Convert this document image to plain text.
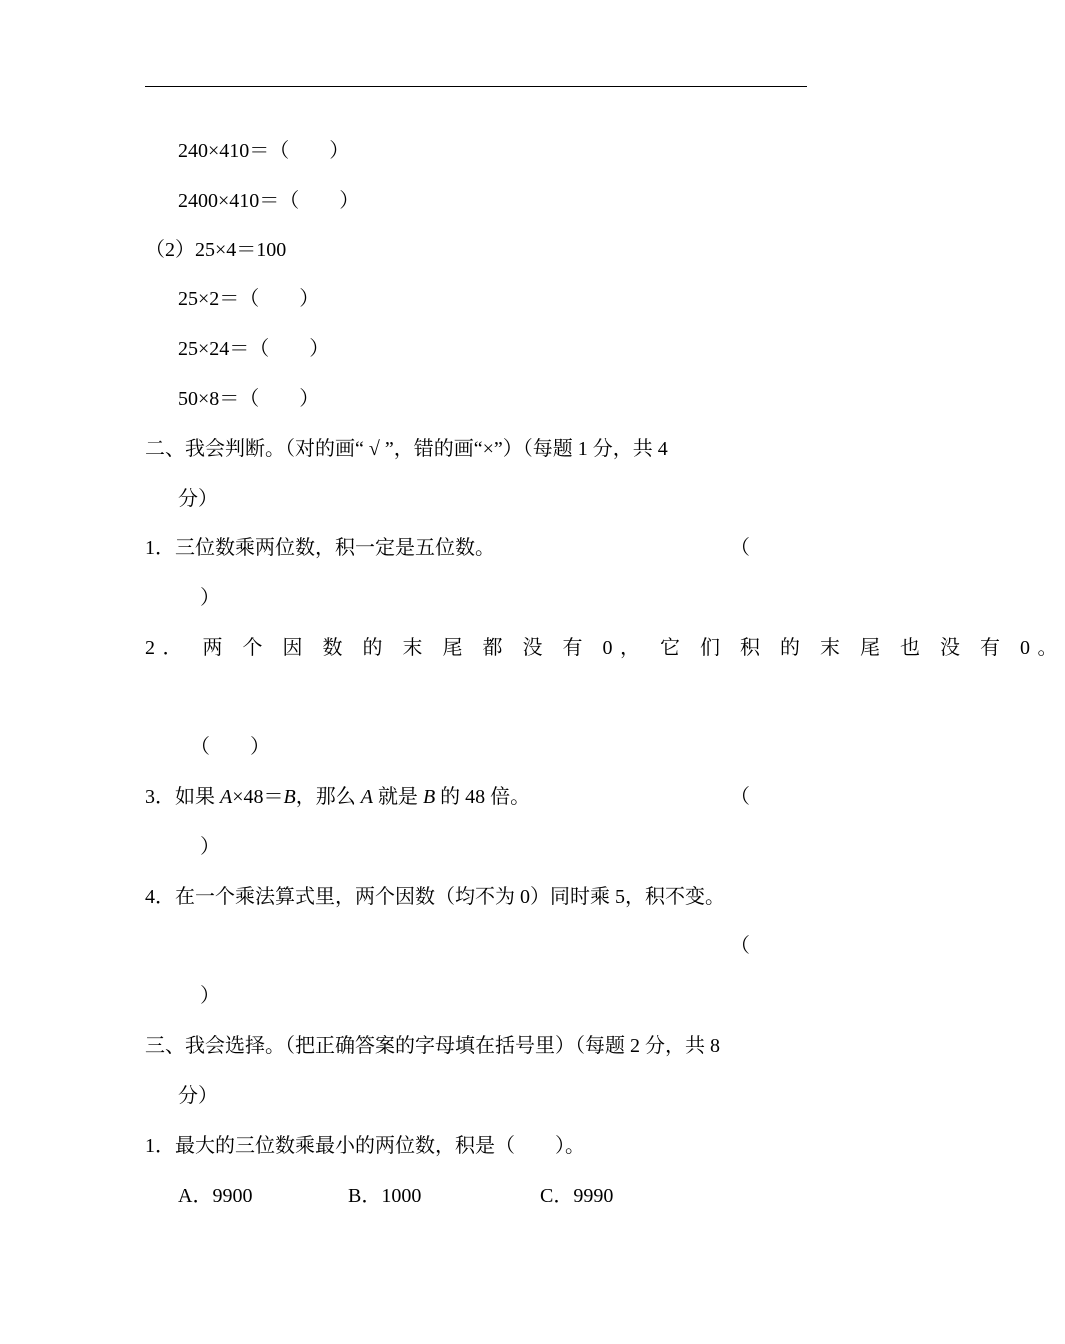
240×410＝（　　）
2400×410＝（　　）
（2）25×4＝100
25×2＝（　　）
25×24＝（　　）
50×8＝（　　）
二、我会判断。（对的画“ √ ”，错的画“×”）（每题 1 分，共 4
分）
1．三位数乘两位数，积一定是五位数。	（
）
2． 两 个 因 数 的 末 尾 都 没 有 0， 它 们 积 的 末 尾 也 没 有 0。
（　　）
3．如果 A×48＝B，那么 A 就是 B 的 48 倍。	（
）
4．在一个乘法算式里，两个因数（均不为 0）同时乘 5，积不变。
（
）
三、我会选择。（把正确答案的字母填在括号里）（每题 2 分，共 8
分）
1．最大的三位数乘最小的两位数，积是（　　）。
A．9900	B．1000	C．9990
